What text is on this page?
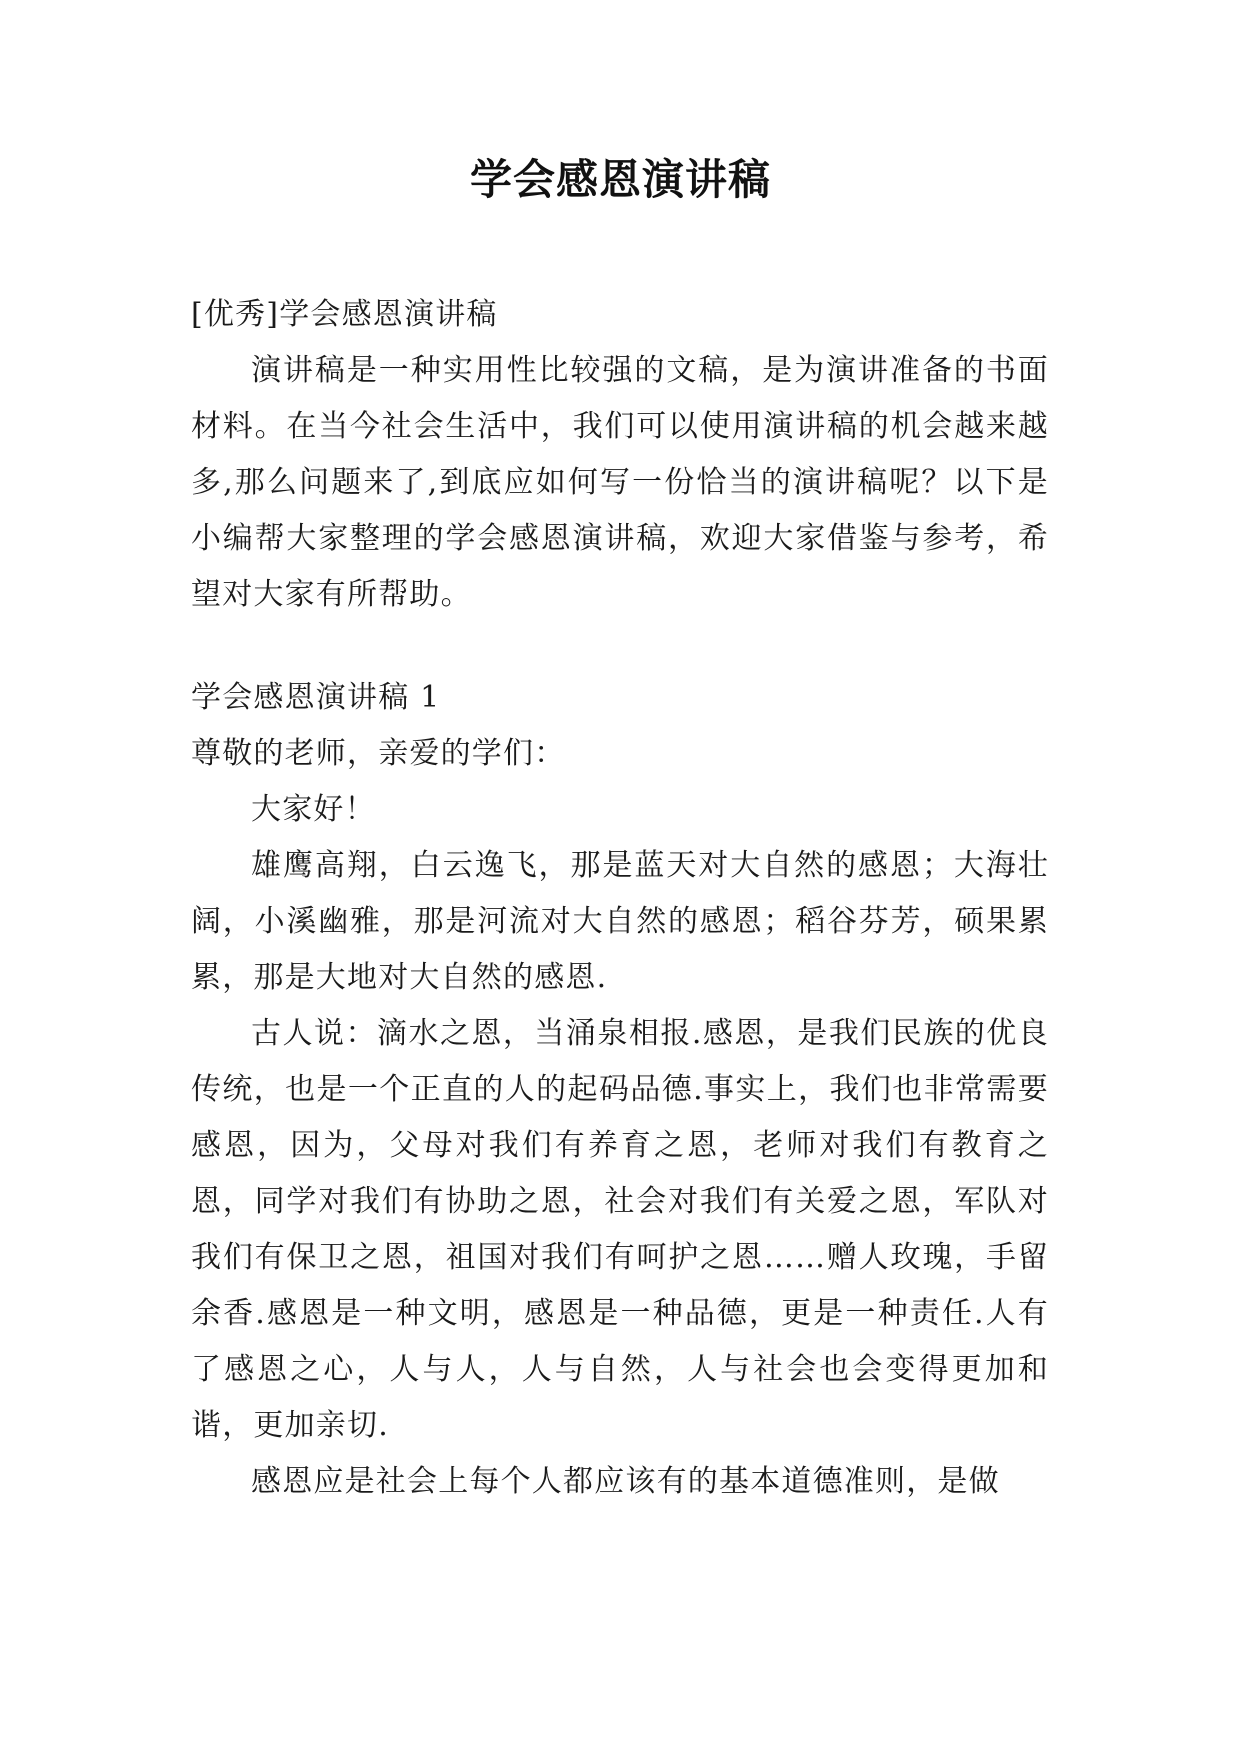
学会感恩演讲稿

[优秀]学会感恩演讲稿

演讲稿是一种实用性比较强的文稿，是为演讲准备的书面材料。在当今社会生活中，我们可以使用演讲稿的机会越来越多,那么问题来了,到底应如何写一份恰当的演讲稿呢？以下是小编帮大家整理的学会感恩演讲稿，欢迎大家借鉴与参考，希望对大家有所帮助。

学会感恩演讲稿 1

尊敬的老师，亲爱的学们：

大家好！

雄鹰高翔，白云逸飞，那是蓝天对大自然的感恩；大海壮阔，小溪幽雅，那是河流对大自然的感恩；稻谷芬芳，硕果累累，那是大地对大自然的感恩.

古人说：滴水之恩，当涌泉相报.感恩，是我们民族的优良传统，也是一个正直的人的起码品德.事实上，我们也非常需要感恩，因为，父母对我们有养育之恩，老师对我们有教育之恩，同学对我们有协助之恩，社会对我们有关爱之恩，军队对我们有保卫之恩，祖国对我们有呵护之恩……赠人玫瑰，手留余香.感恩是一种文明，感恩是一种品德，更是一种责任.人有了感恩之心，人与人，人与自然，人与社会也会变得更加和谐，更加亲切.

感恩应是社会上每个人都应该有的基本道德准则，是做
